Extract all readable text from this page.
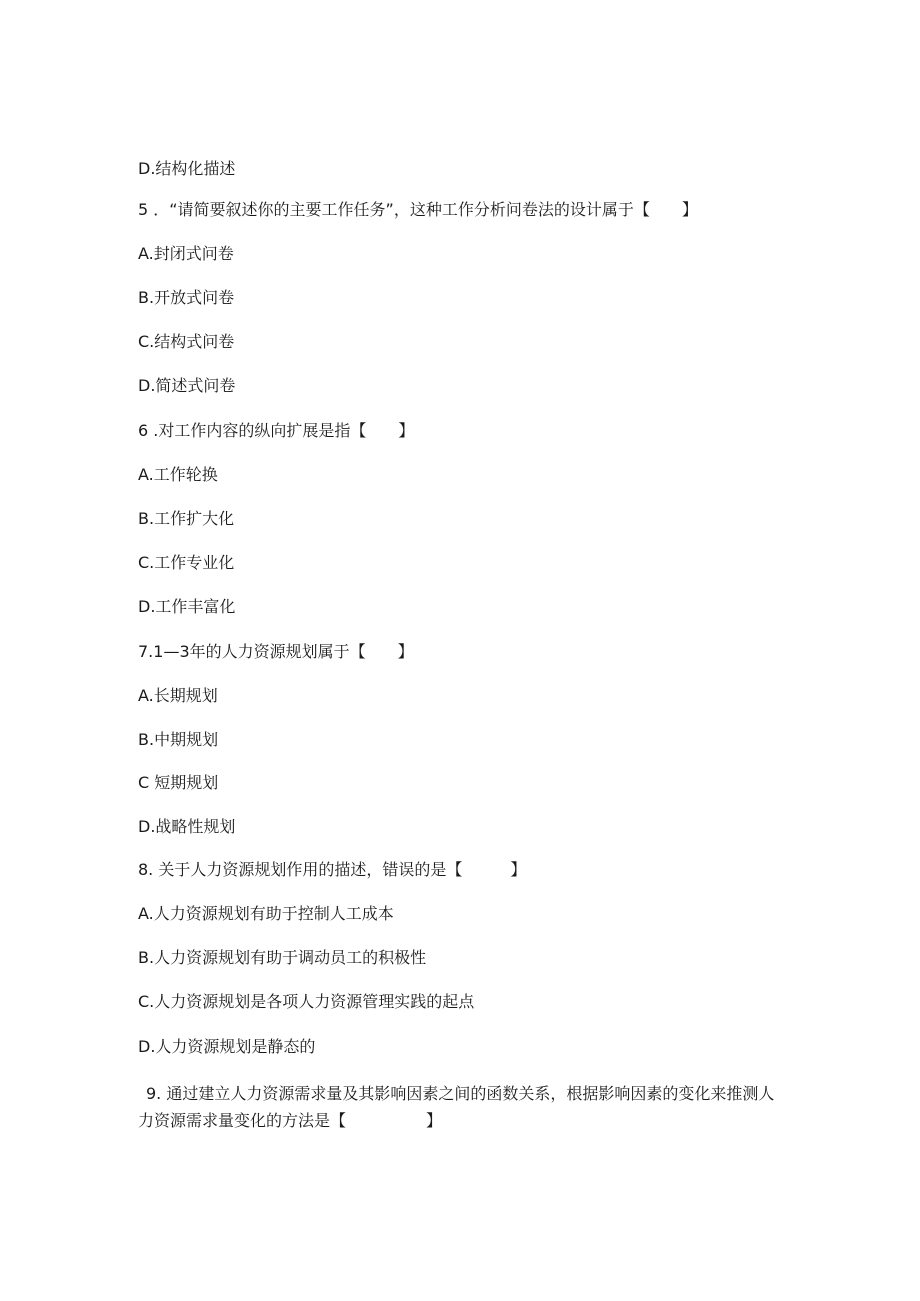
D.结构化描述

5 ．“请简要叙述你的主要工作任务”，这种工作分析问卷法的设计属于【　　】

A.封闭式问卷

B.开放式问卷

C.结构式问卷

D.简述式问卷

6 .对工作内容的纵向扩展是指【　　】

A.工作轮换

B.工作扩大化

C.工作专业化

D.工作丰富化

7.1—3年的人力资源规划属于【　　】

A.长期规划

B.中期规划

C 短期规划

D.战略性规划

8. 关于人力资源规划作用的描述，错误的是【　　　】

A.人力资源规划有助于控制人工成本

B.人力资源规划有助于调动员工的积极性

C.人力资源规划是各项人力资源管理实践的起点

D.人力资源规划是静态的

9. 通过建立人力资源需求量及其影响因素之间的函数关系，根据影响因素的变化来推测人
力资源需求量变化的方法是【　　　　　】
